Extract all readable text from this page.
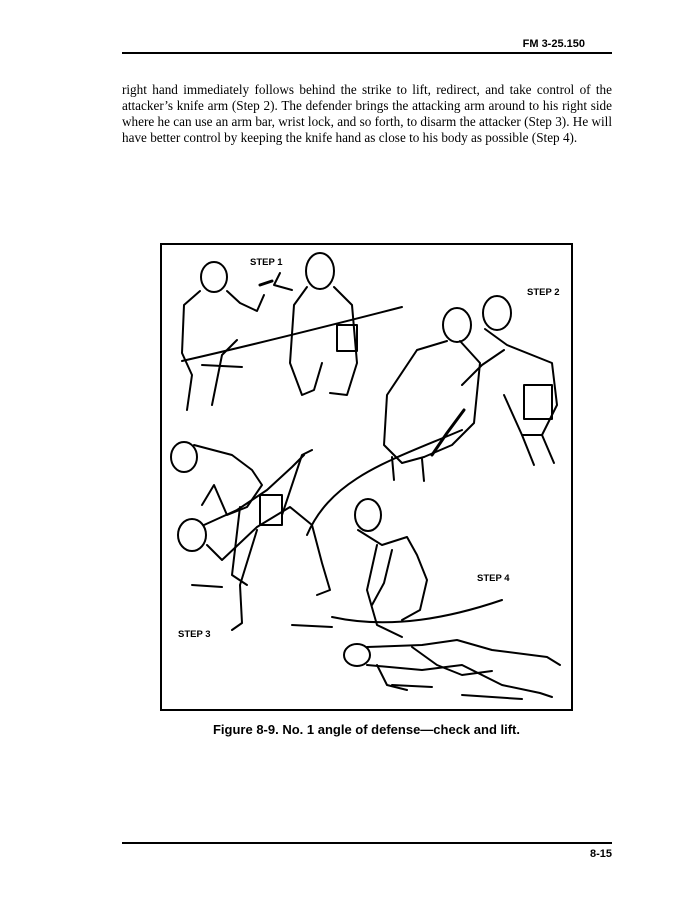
FM 3-25.150

right hand immediately follows behind the strike to lift, redirect, and take control of the attacker’s knife arm (Step 2). The defender brings the attacking arm around to his right side where he can use an arm bar, wrist lock, and so forth, to disarm the attacker (Step 3). He will have better control by keeping the knife hand as close to his body as possible (Step 4).

STEP 1
STEP 2
STEP 3
STEP 4
Figure 8-9. No. 1 angle of defense—check and lift.
8-15
